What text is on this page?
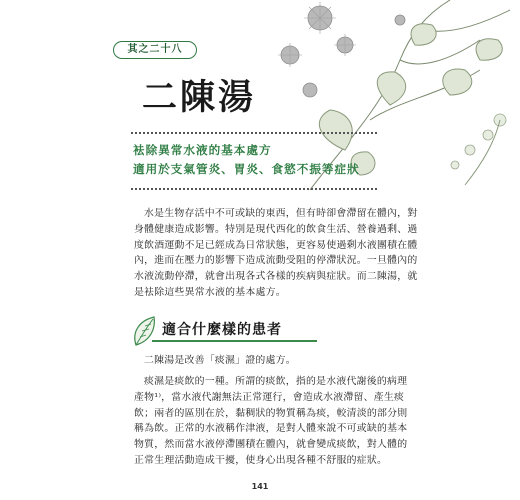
其之二十八
二陳湯
袪除異常水液的基本處方
適用於支氣管炎、胃炎、食慾不振等症狀
水是生物存活中不可或缺的東西，但有時卻會滯留在體內，對
身體健康造成影響。特別是現代西化的飲食生活、營養過剩、過
度飲酒運動不足已經成為日常狀態，更容易使過剩水液團積在體
內，進而在壓力的影響下造成流動受阻的停滯狀況。一旦體內的
水液流動停滯，就會出現各式各樣的疾病與症狀。而二陳湯，就
是袪除這些異常水液的基本處方。
適合什麼樣的患者
二陳湯是改善「痰濕」證的處方。
痰濕是痰飲的一種。所謂的痰飲，指的是水液代謝後的病理
產物¹⁾，當水液代謝無法正常運行，會造成水液滯留、產生痰
飲；兩者的區別在於，黏稠狀的物質稱為痰，較清淡的部分則
稱為飲。正常的水液稱作津液，是對人體來說不可或缺的基本
物質，然而當水液停滯團積在體內，就會變成痰飲，對人體的
正常生理活動造成干擾，使身心出現各種不舒服的症狀。
141
